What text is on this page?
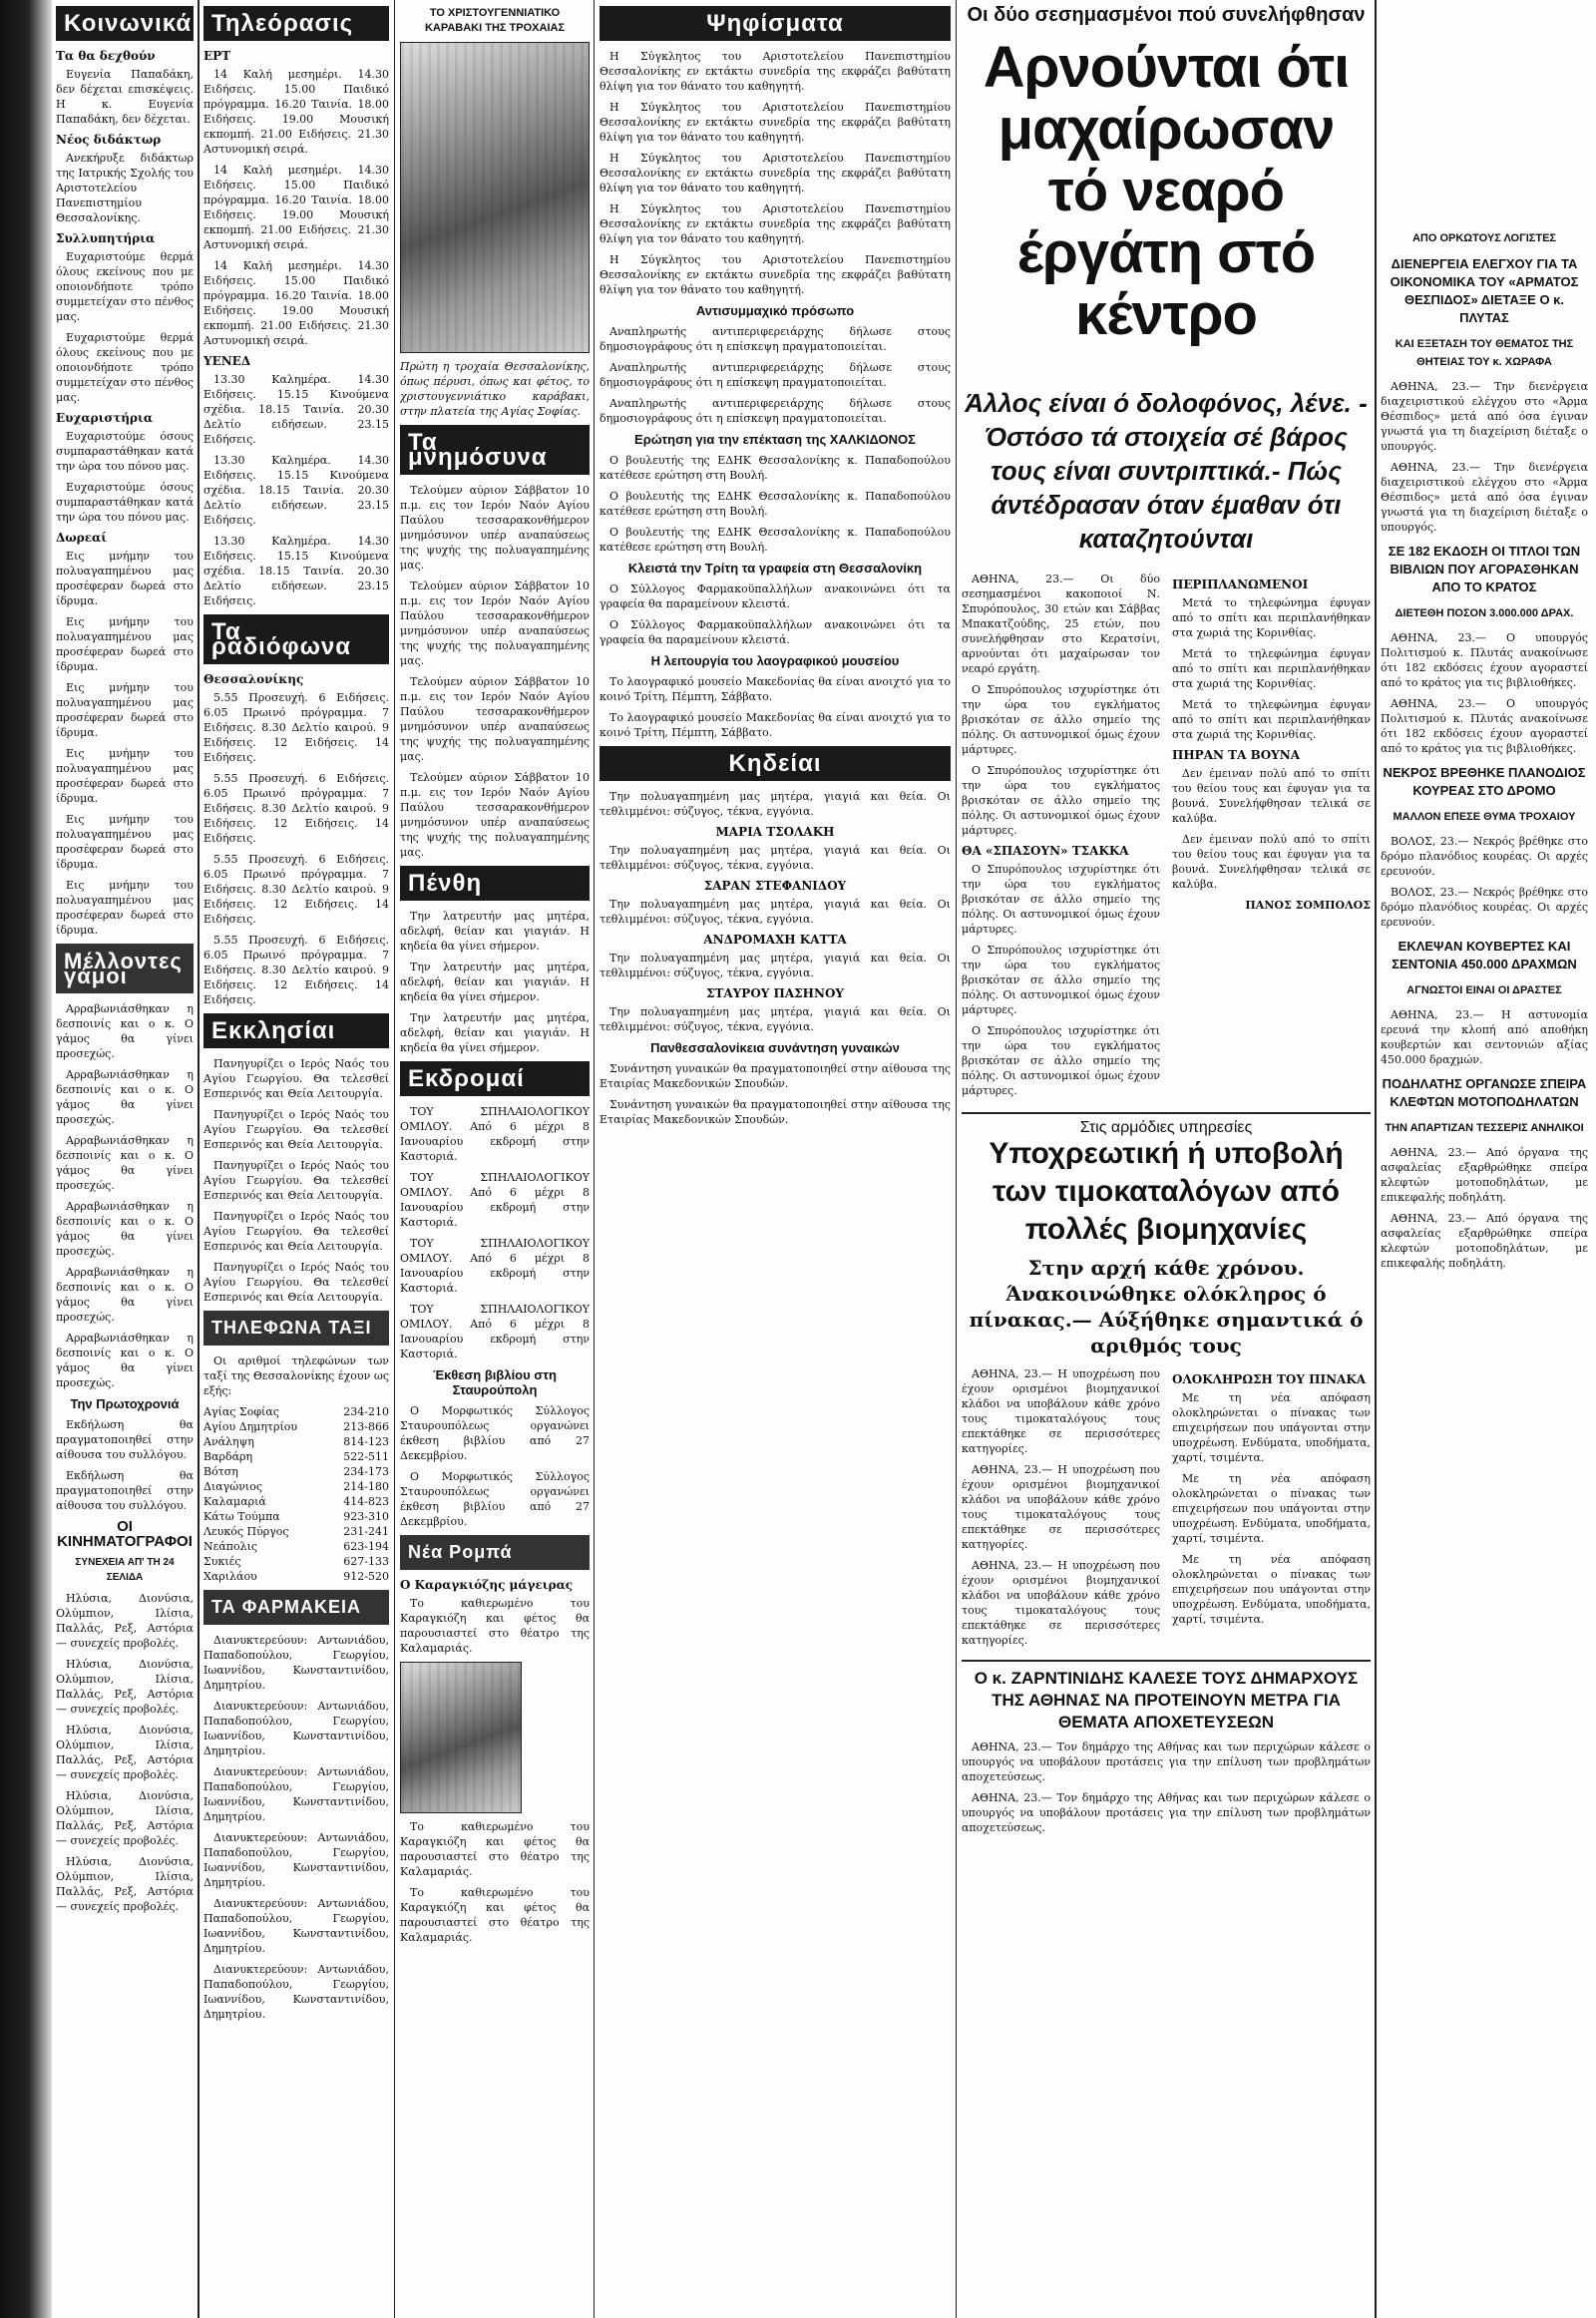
Κοινωνικά
Τα θα δεχθούν

Ευγενία Παπαδάκη, δεν δέχεται επισκέψεις. Η κ. Ευγενία Παπαδάκη, δεν δέχεται.

Νέος διδάκτωρ

Ανεκήρυξε διδάκτωρ της Ιατρικής Σχολής του Αριστοτελείου Πανεπιστημίου Θεσσαλονίκης.

Συλλυπητήρια

Ευχαριστούμε θερμά όλους εκείνους που με οποιονδήποτε τρόπο συμμετείχαν στο πένθος μας.

Ευχαριστούμε θερμά όλους εκείνους που με οποιονδήποτε τρόπο συμμετείχαν στο πένθος μας.

Ευχαριστήρια

Ευχαριστούμε όσους συμπαραστάθηκαν κατά την ώρα του πόνου μας.

Ευχαριστούμε όσους συμπαραστάθηκαν κατά την ώρα του πόνου μας.

Δωρεαί

Εις μνήμην του πολυαγαπημένου μας προσέφεραν δωρεά στο ίδρυμα.

Εις μνήμην του πολυαγαπημένου μας προσέφεραν δωρεά στο ίδρυμα.

Εις μνήμην του πολυαγαπημένου μας προσέφεραν δωρεά στο ίδρυμα.

Εις μνήμην του πολυαγαπημένου μας προσέφεραν δωρεά στο ίδρυμα.

Εις μνήμην του πολυαγαπημένου μας προσέφεραν δωρεά στο ίδρυμα.

Εις μνήμην του πολυαγαπημένου μας προσέφεραν δωρεά στο ίδρυμα.

Μέλλοντες γάμοι

Αρραβωνιάσθηκαν η δεσποινίς και ο κ. Ο γάμος θα γίνει προσεχώς.

Αρραβωνιάσθηκαν η δεσποινίς και ο κ. Ο γάμος θα γίνει προσεχώς.

Αρραβωνιάσθηκαν η δεσποινίς και ο κ. Ο γάμος θα γίνει προσεχώς.

Αρραβωνιάσθηκαν η δεσποινίς και ο κ. Ο γάμος θα γίνει προσεχώς.

Αρραβωνιάσθηκαν η δεσποινίς και ο κ. Ο γάμος θα γίνει προσεχώς.

Αρραβωνιάσθηκαν η δεσποινίς και ο κ. Ο γάμος θα γίνει προσεχώς.

Την Πρωτοχρονιά

Εκδήλωση θα πραγματοποιηθεί στην αίθουσα του συλλόγου.

Εκδήλωση θα πραγματοποιηθεί στην αίθουσα του συλλόγου.

ΟΙ ΚΙΝΗΜΑΤΟΓΡΑΦΟΙ
ΣΥΝΕΧΕΙΑ ΑΠ' ΤΗ 24 ΣΕΛΙΔΑ

Ηλύσια, Διονύσια, Ολύμπιον, Ιλίσια, Παλλάς, Ρεξ, Αστόρια — συνεχείς προβολές.

Ηλύσια, Διονύσια, Ολύμπιον, Ιλίσια, Παλλάς, Ρεξ, Αστόρια — συνεχείς προβολές.

Ηλύσια, Διονύσια, Ολύμπιον, Ιλίσια, Παλλάς, Ρεξ, Αστόρια — συνεχείς προβολές.

Ηλύσια, Διονύσια, Ολύμπιον, Ιλίσια, Παλλάς, Ρεξ, Αστόρια — συνεχείς προβολές.

Ηλύσια, Διονύσια, Ολύμπιον, Ιλίσια, Παλλάς, Ρεξ, Αστόρια — συνεχείς προβολές.

Τηλεόρασις
ΕΡΤ

14 Καλή μεσημέρι. 14.30 Ειδήσεις. 15.00 Παιδικό πρόγραμμα. 16.20 Ταινία. 18.00 Ειδήσεις. 19.00 Μουσική εκπομπή. 21.00 Ειδήσεις. 21.30 Αστυνομική σειρά.

14 Καλή μεσημέρι. 14.30 Ειδήσεις. 15.00 Παιδικό πρόγραμμα. 16.20 Ταινία. 18.00 Ειδήσεις. 19.00 Μουσική εκπομπή. 21.00 Ειδήσεις. 21.30 Αστυνομική σειρά.

14 Καλή μεσημέρι. 14.30 Ειδήσεις. 15.00 Παιδικό πρόγραμμα. 16.20 Ταινία. 18.00 Ειδήσεις. 19.00 Μουσική εκπομπή. 21.00 Ειδήσεις. 21.30 Αστυνομική σειρά.

ΥΕΝΕΔ

13.30 Καλημέρα. 14.30 Ειδήσεις. 15.15 Κινούμενα σχέδια. 18.15 Ταινία. 20.30 Δελτίο ειδήσεων. 23.15 Ειδήσεις.

13.30 Καλημέρα. 14.30 Ειδήσεις. 15.15 Κινούμενα σχέδια. 18.15 Ταινία. 20.30 Δελτίο ειδήσεων. 23.15 Ειδήσεις.

13.30 Καλημέρα. 14.30 Ειδήσεις. 15.15 Κινούμενα σχέδια. 18.15 Ταινία. 20.30 Δελτίο ειδήσεων. 23.15 Ειδήσεις.

Τα ραδιόφωνα
Θεσσαλονίκης

5.55 Προσευχή. 6 Ειδήσεις. 6.05 Πρωινό πρόγραμμα. 7 Ειδήσεις. 8.30 Δελτίο καιρού. 9 Ειδήσεις. 12 Ειδήσεις. 14 Ειδήσεις.

5.55 Προσευχή. 6 Ειδήσεις. 6.05 Πρωινό πρόγραμμα. 7 Ειδήσεις. 8.30 Δελτίο καιρού. 9 Ειδήσεις. 12 Ειδήσεις. 14 Ειδήσεις.

5.55 Προσευχή. 6 Ειδήσεις. 6.05 Πρωινό πρόγραμμα. 7 Ειδήσεις. 8.30 Δελτίο καιρού. 9 Ειδήσεις. 12 Ειδήσεις. 14 Ειδήσεις.

5.55 Προσευχή. 6 Ειδήσεις. 6.05 Πρωινό πρόγραμμα. 7 Ειδήσεις. 8.30 Δελτίο καιρού. 9 Ειδήσεις. 12 Ειδήσεις. 14 Ειδήσεις.

Εκκλησίαι

Πανηγυρίζει ο Ιερός Ναός του Αγίου Γεωργίου. Θα τελεσθεί Εσπερινός και Θεία Λειτουργία.

Πανηγυρίζει ο Ιερός Ναός του Αγίου Γεωργίου. Θα τελεσθεί Εσπερινός και Θεία Λειτουργία.

Πανηγυρίζει ο Ιερός Ναός του Αγίου Γεωργίου. Θα τελεσθεί Εσπερινός και Θεία Λειτουργία.

Πανηγυρίζει ο Ιερός Ναός του Αγίου Γεωργίου. Θα τελεσθεί Εσπερινός και Θεία Λειτουργία.

Πανηγυρίζει ο Ιερός Ναός του Αγίου Γεωργίου. Θα τελεσθεί Εσπερινός και Θεία Λειτουργία.

ΤΗΛΕΦΩΝΑ ΤΑΞΙ

Οι αριθμοί τηλεφώνων των ταξί της Θεσσαλονίκης έχουν ως εξής:

Αγίας Σοφίας	234-210
Αγίου Δημητρίου	213-866
Ανάληψη	814-123
Βαρδάρη	522-511
Βότση	234-173
Διαγώνιος	214-180
Καλαμαριά	414-823
Κάτω Τούμπα	923-310
Λευκός Πύργος	231-241
Νεάπολις	623-194
Συκιές	627-133
Χαριλάου	912-520
ΤΑ ΦΑΡΜΑΚΕΙΑ

Διανυκτερεύουν: Αντωνιάδου, Παπαδοπούλου, Γεωργίου, Ιωαννίδου, Κωνσταντινίδου, Δημητρίου.

Διανυκτερεύουν: Αντωνιάδου, Παπαδοπούλου, Γεωργίου, Ιωαννίδου, Κωνσταντινίδου, Δημητρίου.

Διανυκτερεύουν: Αντωνιάδου, Παπαδοπούλου, Γεωργίου, Ιωαννίδου, Κωνσταντινίδου, Δημητρίου.

Διανυκτερεύουν: Αντωνιάδου, Παπαδοπούλου, Γεωργίου, Ιωαννίδου, Κωνσταντινίδου, Δημητρίου.

Διανυκτερεύουν: Αντωνιάδου, Παπαδοπούλου, Γεωργίου, Ιωαννίδου, Κωνσταντινίδου, Δημητρίου.

Διανυκτερεύουν: Αντωνιάδου, Παπαδοπούλου, Γεωργίου, Ιωαννίδου, Κωνσταντινίδου, Δημητρίου.

ΤΟ ΧΡΙΣΤΟΥΓΕΝΝΙΑΤΙΚΟ ΚΑΡΑΒΑΚΙ ΤΗΣ ΤΡΟΧΑΙΑΣ
Πρώτη η τροχαία Θεσσαλονίκης, όπως πέρυσι, όπως και φέτος, το χριστουγεννιάτικο καράβακι, στην πλατεία της Αγίας Σοφίας.
Τα μνημόσυνα

Τελούμεν αύριον Σάββατον 10 π.μ. εις τον Ιερόν Ναόν Αγίου Παύλου τεσσαρακονθήμερον μνημόσυνον υπέρ αναπαύσεως της ψυχής της πολυαγαπημένης μας.

Τελούμεν αύριον Σάββατον 10 π.μ. εις τον Ιερόν Ναόν Αγίου Παύλου τεσσαρακονθήμερον μνημόσυνον υπέρ αναπαύσεως της ψυχής της πολυαγαπημένης μας.

Τελούμεν αύριον Σάββατον 10 π.μ. εις τον Ιερόν Ναόν Αγίου Παύλου τεσσαρακονθήμερον μνημόσυνον υπέρ αναπαύσεως της ψυχής της πολυαγαπημένης μας.

Τελούμεν αύριον Σάββατον 10 π.μ. εις τον Ιερόν Ναόν Αγίου Παύλου τεσσαρακονθήμερον μνημόσυνον υπέρ αναπαύσεως της ψυχής της πολυαγαπημένης μας.

Πένθη

Την λατρευτήν μας μητέρα, αδελφή, θείαν και γιαγιάν. Η κηδεία θα γίνει σήμερον.

Την λατρευτήν μας μητέρα, αδελφή, θείαν και γιαγιάν. Η κηδεία θα γίνει σήμερον.

Την λατρευτήν μας μητέρα, αδελφή, θείαν και γιαγιάν. Η κηδεία θα γίνει σήμερον.

Εκδρομαί

ΤΟΥ ΣΠΗΛΑΙΟΛΟΓΙΚΟΥ ΟΜΙΛΟΥ. Από 6 μέχρι 8 Ιανουαρίου εκδρομή στην Καστοριά.

ΤΟΥ ΣΠΗΛΑΙΟΛΟΓΙΚΟΥ ΟΜΙΛΟΥ. Από 6 μέχρι 8 Ιανουαρίου εκδρομή στην Καστοριά.

ΤΟΥ ΣΠΗΛΑΙΟΛΟΓΙΚΟΥ ΟΜΙΛΟΥ. Από 6 μέχρι 8 Ιανουαρίου εκδρομή στην Καστοριά.

ΤΟΥ ΣΠΗΛΑΙΟΛΟΓΙΚΟΥ ΟΜΙΛΟΥ. Από 6 μέχρι 8 Ιανουαρίου εκδρομή στην Καστοριά.

Έκθεση βιβλίου στη Σταυρούπολη

Ο Μορφωτικός Σύλλογος Σταυρουπόλεως οργανώνει έκθεση βιβλίου από 27 Δεκεμβρίου.

Ο Μορφωτικός Σύλλογος Σταυρουπόλεως οργανώνει έκθεση βιβλίου από 27 Δεκεμβρίου.

Νέα Ρομπά
Ο Καραγκιόζης μάγειρας

Το καθιερωμένο του Καραγκιόζη και φέτος θα παρουσιαστεί στο θέατρο της Καλαμαριάς.

Το καθιερωμένο του Καραγκιόζη και φέτος θα παρουσιαστεί στο θέατρο της Καλαμαριάς.

Το καθιερωμένο του Καραγκιόζη και φέτος θα παρουσιαστεί στο θέατρο της Καλαμαριάς.

Ψηφίσματα

Η Σύγκλητος του Αριστοτελείου Πανεπιστημίου Θεσσαλονίκης εν εκτάκτω συνεδρία της εκφράζει βαθύτατη θλίψη για τον θάνατο του καθηγητή.

Η Σύγκλητος του Αριστοτελείου Πανεπιστημίου Θεσσαλονίκης εν εκτάκτω συνεδρία της εκφράζει βαθύτατη θλίψη για τον θάνατο του καθηγητή.

Η Σύγκλητος του Αριστοτελείου Πανεπιστημίου Θεσσαλονίκης εν εκτάκτω συνεδρία της εκφράζει βαθύτατη θλίψη για τον θάνατο του καθηγητή.

Η Σύγκλητος του Αριστοτελείου Πανεπιστημίου Θεσσαλονίκης εν εκτάκτω συνεδρία της εκφράζει βαθύτατη θλίψη για τον θάνατο του καθηγητή.

Η Σύγκλητος του Αριστοτελείου Πανεπιστημίου Θεσσαλονίκης εν εκτάκτω συνεδρία της εκφράζει βαθύτατη θλίψη για τον θάνατο του καθηγητή.

Αντισυμμαχικό πρόσωπο

Αναπληρωτής αντιπεριφερειάρχης δήλωσε στους δημοσιογράφους ότι η επίσκεψη πραγματοποιείται.

Αναπληρωτής αντιπεριφερειάρχης δήλωσε στους δημοσιογράφους ότι η επίσκεψη πραγματοποιείται.

Αναπληρωτής αντιπεριφερειάρχης δήλωσε στους δημοσιογράφους ότι η επίσκεψη πραγματοποιείται.

Ερώτηση για την επέκταση της ΧΑΛΚΙΔΟΝΟΣ

Ο βουλευτής της ΕΔΗΚ Θεσσαλονίκης κ. Παπαδοπούλου κατέθεσε ερώτηση στη Βουλή.

Ο βουλευτής της ΕΔΗΚ Θεσσαλονίκης κ. Παπαδοπούλου κατέθεσε ερώτηση στη Βουλή.

Ο βουλευτής της ΕΔΗΚ Θεσσαλονίκης κ. Παπαδοπούλου κατέθεσε ερώτηση στη Βουλή.

Κλειστά την Τρίτη τα γραφεία στη Θεσσαλονίκη

Ο Σύλλογος Φαρμακοϋπαλλήλων ανακοινώνει ότι τα γραφεία θα παραμείνουν κλειστά.

Ο Σύλλογος Φαρμακοϋπαλλήλων ανακοινώνει ότι τα γραφεία θα παραμείνουν κλειστά.

Η λειτουργία του λαογραφικού μουσείου

Το λαογραφικό μουσείο Μακεδονίας θα είναι ανοιχτό για το κοινό Τρίτη, Πέμπτη, Σάββατο.

Το λαογραφικό μουσείο Μακεδονίας θα είναι ανοιχτό για το κοινό Τρίτη, Πέμπτη, Σάββατο.

Κηδείαι

Την πολυαγαπημένη μας μητέρα, γιαγιά και θεία. Οι τεθλιμμένοι: σύζυγος, τέκνα, εγγόνια.

ΜΑΡΙΑ ΤΣΟΛΑΚΗ

Την πολυαγαπημένη μας μητέρα, γιαγιά και θεία. Οι τεθλιμμένοι: σύζυγος, τέκνα, εγγόνια.

ΣΑΡΑΝ ΣΤΕΦΑΝΙΔΟΥ

Την πολυαγαπημένη μας μητέρα, γιαγιά και θεία. Οι τεθλιμμένοι: σύζυγος, τέκνα, εγγόνια.

ΑΝΔΡΟΜΑΧΗ ΚΑΤΤΑ

Την πολυαγαπημένη μας μητέρα, γιαγιά και θεία. Οι τεθλιμμένοι: σύζυγος, τέκνα, εγγόνια.

ΣΤΑΥΡΟΥ ΠΑΣΗΝΟΥ

Την πολυαγαπημένη μας μητέρα, γιαγιά και θεία. Οι τεθλιμμένοι: σύζυγος, τέκνα, εγγόνια.

Πανθεσσαλονίκεια συνάντηση γυναικών

Συνάντηση γυναικών θα πραγματοποιηθεί στην αίθουσα της Εταιρίας Μακεδονικών Σπουδών.

Συνάντηση γυναικών θα πραγματοποιηθεί στην αίθουσα της Εταιρίας Μακεδονικών Σπουδών.

Οι δύο σεσημασμένοι πού συνελήφθησαν
Αρνούνται ότι μαχαίρωσαν τό νεαρό έργάτη στό κέντρο
Άλλος είναι ό δολοφόνος, λένε. - Όστόσο τά στοιχεία σέ βάρος τους είναι συντριπτικά.- Πώς άντέδρασαν όταν έμαθαν ότι καταζητούνται

ΑΘΗΝΑ, 23.— Οι δύο σεσημασμένοι κακοποιοί Ν. Σπυρόπουλος, 30 ετών και Σάββας Μπακατζούδης, 25 ετών, που συνελήφθησαν στο Κερατσίνι, αρνούνται ότι μαχαίρωσαν τον νεαρό εργάτη.

Ο Σπυρόπουλος ισχυρίστηκε ότι την ώρα του εγκλήματος βρισκόταν σε άλλο σημείο της πόλης. Οι αστυνομικοί όμως έχουν μάρτυρες.

Ο Σπυρόπουλος ισχυρίστηκε ότι την ώρα του εγκλήματος βρισκόταν σε άλλο σημείο της πόλης. Οι αστυνομικοί όμως έχουν μάρτυρες.

ΘΑ «ΣΠΑΣΟΥΝ» ΤΣΑΚΚΑ

Ο Σπυρόπουλος ισχυρίστηκε ότι την ώρα του εγκλήματος βρισκόταν σε άλλο σημείο της πόλης. Οι αστυνομικοί όμως έχουν μάρτυρες.

Ο Σπυρόπουλος ισχυρίστηκε ότι την ώρα του εγκλήματος βρισκόταν σε άλλο σημείο της πόλης. Οι αστυνομικοί όμως έχουν μάρτυρες.

Ο Σπυρόπουλος ισχυρίστηκε ότι την ώρα του εγκλήματος βρισκόταν σε άλλο σημείο της πόλης. Οι αστυνομικοί όμως έχουν μάρτυρες.

ΠΕΡΙΠΛΑΝΩΜΕΝΟΙ

Μετά το τηλεφώνημα έφυγαν από το σπίτι και περιπλανήθηκαν στα χωριά της Κορινθίας.

Μετά το τηλεφώνημα έφυγαν από το σπίτι και περιπλανήθηκαν στα χωριά της Κορινθίας.

Μετά το τηλεφώνημα έφυγαν από το σπίτι και περιπλανήθηκαν στα χωριά της Κορινθίας.

ΠΗΡΑΝ ΤΑ ΒΟΥΝΑ

Δεν έμειναν πολύ από το σπίτι του θείου τους και έφυγαν για τα βουνά. Συνελήφθησαν τελικά σε καλύβα.

Δεν έμειναν πολύ από το σπίτι του θείου τους και έφυγαν για τα βουνά. Συνελήφθησαν τελικά σε καλύβα.

ΠΑΝΟΣ ΣΟΜΠΟΛΟΣ
Στις αρμόδιες υπηρεσίες
Υποχρεωτική ή υποβολή των τιμοκαταλόγων από πολλές βιομηχανίες
Στην αρχή κάθε χρόνου. Άνακοινώθηκε ολόκληρος ό πίνακας.— Αύξήθηκε σημαντικά ό αριθμός τους

ΑΘΗΝΑ, 23.— Η υποχρέωση που έχουν ορισμένοι βιομηχανικοί κλάδοι να υποβάλουν κάθε χρόνο τους τιμοκαταλόγους τους επεκτάθηκε σε περισσότερες κατηγορίες.

ΑΘΗΝΑ, 23.— Η υποχρέωση που έχουν ορισμένοι βιομηχανικοί κλάδοι να υποβάλουν κάθε χρόνο τους τιμοκαταλόγους τους επεκτάθηκε σε περισσότερες κατηγορίες.

ΑΘΗΝΑ, 23.— Η υποχρέωση που έχουν ορισμένοι βιομηχανικοί κλάδοι να υποβάλουν κάθε χρόνο τους τιμοκαταλόγους τους επεκτάθηκε σε περισσότερες κατηγορίες.

ΟΛΟΚΛΗΡΩΣΗ ΤΟΥ ΠΙΝΑΚΑ

Με τη νέα απόφαση ολοκληρώνεται ο πίνακας των επιχειρήσεων που υπάγονται στην υποχρέωση. Ενδύματα, υποδήματα, χαρτί, τσιμέντα.

Με τη νέα απόφαση ολοκληρώνεται ο πίνακας των επιχειρήσεων που υπάγονται στην υποχρέωση. Ενδύματα, υποδήματα, χαρτί, τσιμέντα.

Με τη νέα απόφαση ολοκληρώνεται ο πίνακας των επιχειρήσεων που υπάγονται στην υποχρέωση. Ενδύματα, υποδήματα, χαρτί, τσιμέντα.

Ο κ. ΖΑΡΝΤΙΝΙΔΗΣ ΚΑΛΕΣΕ ΤΟΥΣ ΔΗΜΑΡΧΟΥΣ ΤΗΣ ΑΘΗΝΑΣ ΝΑ ΠΡΟΤΕΙΝΟΥΝ ΜΕΤΡΑ ΓΙΑ ΘΕΜΑΤΑ ΑΠΟΧΕΤΕΥΣΕΩΝ

ΑΘΗΝΑ, 23.— Τον δημάρχο της Αθήνας και των περιχώρων κάλεσε ο υπουργός να υποβάλουν προτάσεις για την επίλυση των προβλημάτων αποχετεύσεως.

ΑΘΗΝΑ, 23.— Τον δημάρχο της Αθήνας και των περιχώρων κάλεσε ο υπουργός να υποβάλουν προτάσεις για την επίλυση των προβλημάτων αποχετεύσεως.

ΑΠΟ ΟΡΚΩΤΟΥΣ ΛΟΓΙΣΤΕΣ
ΔΙΕΝΕΡΓΕΙΑ ΕΛΕΓΧΟΥ ΓΙΑ ΤΑ ΟΙΚΟΝΟΜΙΚΑ ΤΟΥ «ΑΡΜΑΤΟΣ ΘΕΣΠΙΔΟΣ» ΔΙΕΤΑΞΕ Ο κ. ΠΛΥΤΑΣ
ΚΑΙ ΕΞΕΤΑΣΗ ΤΟΥ ΘΕΜΑΤΟΣ ΤΗΣ ΘΗΤΕΙΑΣ ΤΟΥ κ. ΧΩΡΑΦΑ

ΑΘΗΝΑ, 23.— Την διενέργεια διαχειριστικού ελέγχου στο «Άρμα Θέσπιδος» μετά από όσα έγιναν γνωστά για τη διαχείριση διέταξε ο υπουργός.

ΑΘΗΝΑ, 23.— Την διενέργεια διαχειριστικού ελέγχου στο «Άρμα Θέσπιδος» μετά από όσα έγιναν γνωστά για τη διαχείριση διέταξε ο υπουργός.

ΣΕ 182 ΕΚΔΟΣΗ ΟΙ ΤΙΤΛΟΙ ΤΩΝ ΒΙΒΛΙΩΝ ΠΟΥ ΑΓΟΡΑΣΘΗΚΑΝ ΑΠΟ ΤΟ ΚΡΑΤΟΣ
ΔΙΕΤΕΘΗ ΠΟΣΟΝ 3.000.000 ΔΡΑΧ.

ΑΘΗΝΑ, 23.— Ο υπουργός Πολιτισμού κ. Πλυτάς ανακοίνωσε ότι 182 εκδόσεις έχουν αγοραστεί από το κράτος για τις βιβλιοθήκες.

ΑΘΗΝΑ, 23.— Ο υπουργός Πολιτισμού κ. Πλυτάς ανακοίνωσε ότι 182 εκδόσεις έχουν αγοραστεί από το κράτος για τις βιβλιοθήκες.

ΝΕΚΡΟΣ ΒΡΕΘΗΚΕ ΠΛΑΝΟΔΙΟΣ ΚΟΥΡΕΑΣ ΣΤΟ ΔΡΟΜΟ
ΜΑΛΛΟΝ ΕΠΕΣΕ ΘΥΜΑ ΤΡΟΧΑΙΟΥ

ΒΟΛΟΣ, 23.— Νεκρός βρέθηκε στο δρόμο πλανόδιος κουρέας. Οι αρχές ερευνούν.

ΒΟΛΟΣ, 23.— Νεκρός βρέθηκε στο δρόμο πλανόδιος κουρέας. Οι αρχές ερευνούν.

ΕΚΛΕΨΑΝ ΚΟΥΒΕΡΤΕΣ ΚΑΙ ΣΕΝΤΟΝΙΑ 450.000 ΔΡΑΧΜΩΝ
ΑΓΝΩΣΤΟΙ ΕΙΝΑΙ ΟΙ ΔΡΑΣΤΕΣ

ΑΘΗΝΑ, 23.— Η αστυνομία ερευνά την κλοπή από αποθήκη κουβερτών και σεντονιών αξίας 450.000 δραχμών.

ΠΟΔΗΛΑΤΗΣ ΟΡΓΑΝΩΣΕ ΣΠΕΙΡΑ ΚΛΕΦΤΩΝ ΜΟΤΟΠΟΔΗΛΑΤΩΝ
ΤΗΝ ΑΠΑΡΤΙΖΑΝ ΤΕΣΣΕΡΙΣ ΑΝΗΛΙΚΟΙ

ΑΘΗΝΑ, 23.— Από όργανα της ασφαλείας εξαρθρώθηκε σπείρα κλεφτών μοτοποδηλάτων, με επικεφαλής ποδηλάτη.

ΑΘΗΝΑ, 23.— Από όργανα της ασφαλείας εξαρθρώθηκε σπείρα κλεφτών μοτοποδηλάτων, με επικεφαλής ποδηλάτη.
